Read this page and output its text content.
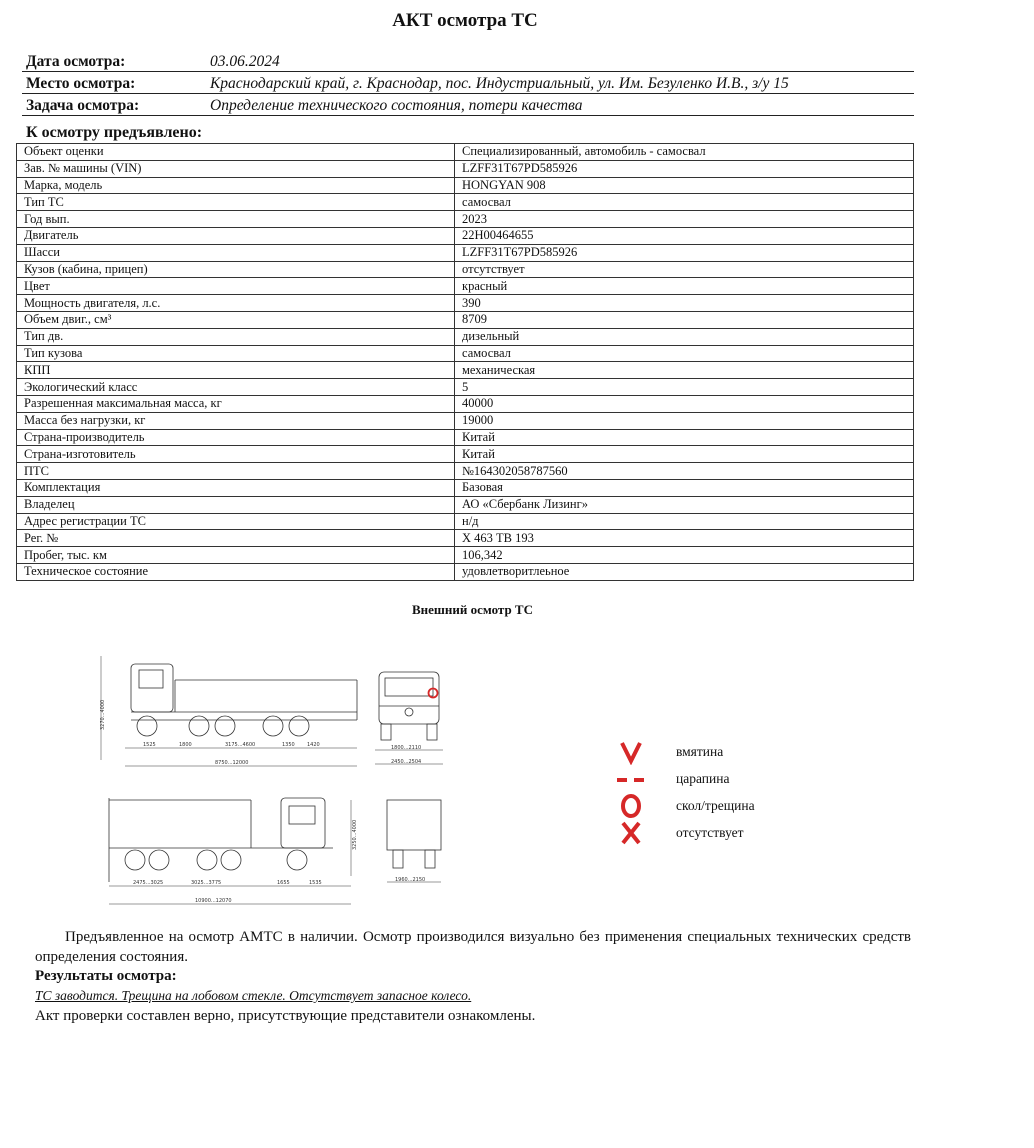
АКТ осмотра ТС
Дата осмотра:	03.06.2024
Место осмотра:	Краснодарский край, г. Краснодар, пос. Индустриальный, ул. Им. Безуленко И.В., з/у 15
Задача осмотра:	Определение технического состояния, потери качества
К осмотру предъявлено:
Объект оценки	Специализированный, автомобиль - самосвал
Зав. № машины (VIN)	LZFF31T67PD585926
Марка, модель	HONGYAN 908
Тип ТС	самосвал
Год вып.	2023
Двигатель	22H00464655
Шасси	LZFF31T67PD585926
Кузов (кабина, прицеп)	отсутствует
Цвет	красный
Мощность двигателя, л.с.	390
Объем двиг., см³	8709
Тип дв.	дизельный
Тип кузова	самосвал
КПП	механическая
Экологический класс	5
Разрешенная максимальная масса, кг	40000
Масса без нагрузки, кг	19000
Страна-производитель	Китай
Страна-изготовитель	Китай
ПТС	№164302058787560
Комплектация	Базовая
Владелец	АО «Сбербанк Лизинг»
Адрес регистрации ТС	н/д
Рег. №	Х 463 ТВ 193
Пробег, тыс. км	106,342
Техническое состояние	удовлетворитлеьное
Внешний осмотр ТС
3270...4000
1525	1800	3175...4600	1350 1420
8750...12000
1800...2110
2450...2504
3250...4000
2475...3025	3025...3775	1655	1535
10900...12070
1960...2150
вмятина
царапина
скол/трещина
отсутствует
Предъявленное на осмотр АМТС в наличии. Осмотр производился визуально без применения специальных технических средств определения состояния.
Результаты осмотра:
ТС заводится. Трещина на лобовом стекле. Отсутствует запасное колесо.
Акт проверки составлен верно, присутствующие представители ознакомлены.
